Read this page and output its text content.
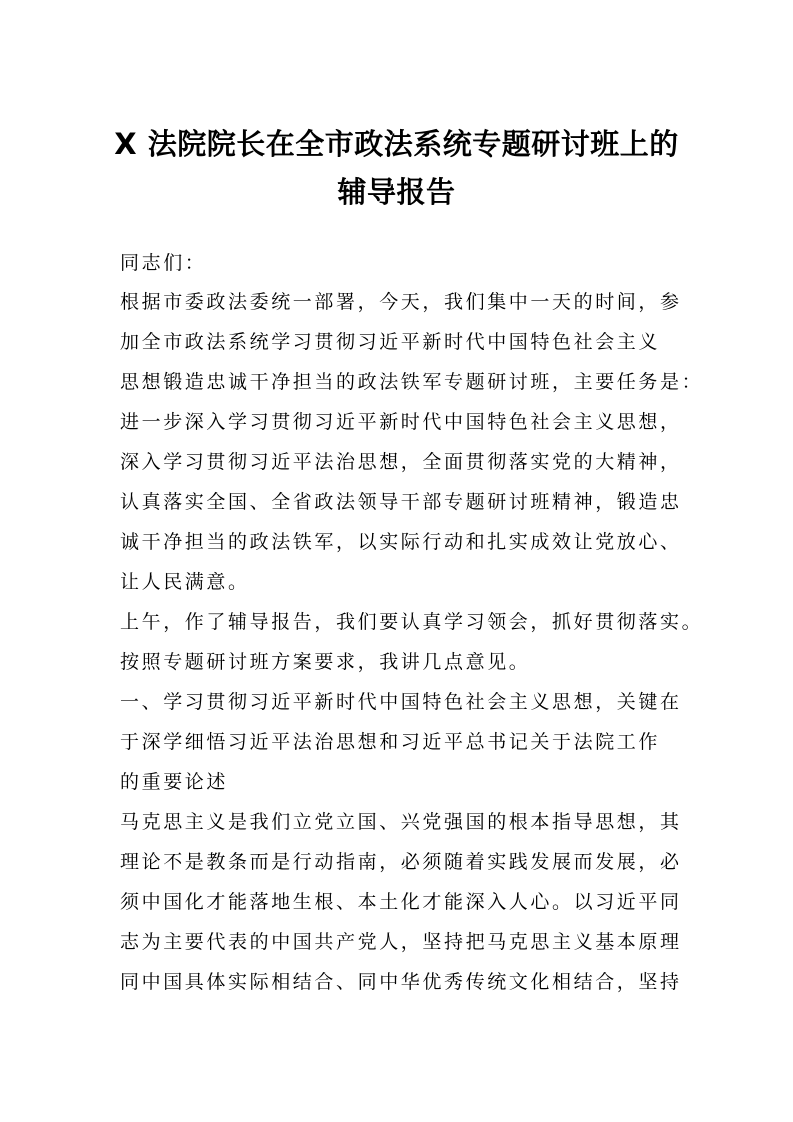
X 法院院长在全市政法系统专题研讨班上的
辅导报告

同志们：

根据市委政法委统一部署，今天，我们集中一天的时间，参

加全市政法系统学习贯彻习近平新时代中国特色社会主义

思想锻造忠诚干净担当的政法铁军专题研讨班，主要任务是：

进一步深入学习贯彻习近平新时代中国特色社会主义思想，

深入学习贯彻习近平法治思想，全面贯彻落实党的大精神，

认真落实全国、全省政法领导干部专题研讨班精神，锻造忠

诚干净担当的政法铁军，以实际行动和扎实成效让党放心、

让人民满意。

上午，作了辅导报告，我们要认真学习领会，抓好贯彻落实。

按照专题研讨班方案要求，我讲几点意见。

一、学习贯彻习近平新时代中国特色社会主义思想，关键在

于深学细悟习近平法治思想和习近平总书记关于法院工作

的重要论述

马克思主义是我们立党立国、兴党强国的根本指导思想，其

理论不是教条而是行动指南，必须随着实践发展而发展，必

须中国化才能落地生根、本土化才能深入人心。以习近平同

志为主要代表的中国共产党人，坚持把马克思主义基本原理

同中国具体实际相结合、同中华优秀传统文化相结合，坚持
